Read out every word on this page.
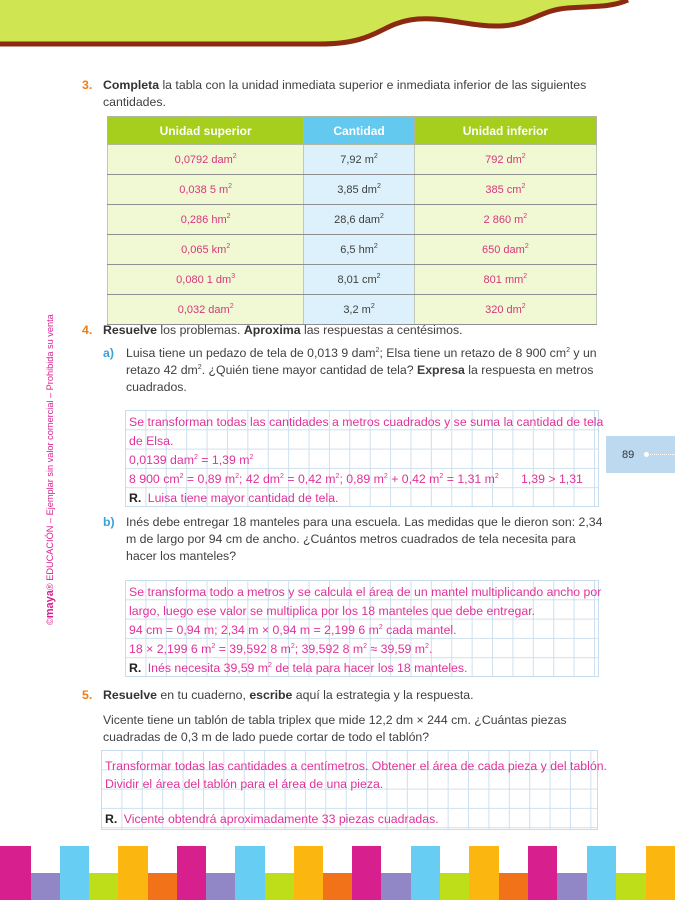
©maya® EDUCACIÓN – Ejemplar sin valor comercial – Prohibida su venta	89
3. Completa la tabla con la unidad inmediata superior e inmediata inferior de las siguientes cantidades.
Unidad superior	Cantidad	Unidad inferior
0,0792 dam$^2$	7,92 $m^2$	792 $dm^2$
0,038 5 $m^2$	3,85 $dm^2$	385 $cm^2$
0,286 $hm^2$	28,6 dam$^2$	2 860 $m^2$
0,065 $km^2$	6,5 $hm^2$	650 dam$^2$
0,080 1 $dm^3$	8,01 $cm^2$	801 $mm^2$
0,032 dam$^2$	3,2 $m^2$	320 $dm^2$
4. Resuelve los problemas. Aproxima las respuestas a centésimos.
a) Luisa tiene un pedazo de tela de 0,013 9 dam$^2$; Elsa tiene un retazo de 8 900 $cm^2$ y un retazo 42 $dm^2$. ¿Quién tiene mayor cantidad de tela? Expresa la respuesta en metros cuadrados.
Se transforman todas las cantidades a metros cuadrados y se suma la cantidad de tela
de Elsa.
0,0139 dam$^2$ = 1,39 $m^2$
8 900 $cm^2 = 0,89$ $m^2$; 42 $dm^2 = 0,42$ $m^2$; 0,89 $m^2 + 0,42$ $m^2 = 1,31$ $m^2$ 1,39 > 1,31
R. Luisa tiene mayor cantidad de tela.
b) Inés debe entregar 18 manteles para una escuela. Las medidas que le dieron son: 2,34 m de largo por 94 cm de ancho. ¿Cuántos metros cuadrados de tela necesita para hacer los manteles?
Se transforma todo a metros y se calcula el área de un mantel multiplicando ancho por
largo, luego ese valor se multiplica por los 18 manteles que debe entregar.
94 cm = 0,94 m; 2,34 m × 0,94 m = 2,199 6 $m^2$ cada mantel.
18 × 2,199 6 $m^2 = 39,592$ 8 $m^2$; 39,592 8 $m^2 \approx 39,59$ $m^2$.
R. Inés necesita 39,59 $m^2$ de tela para hacer los 18 manteles.
5. Resuelve en tu cuaderno, escribe aquí la estrategia y la respuesta.
Vicente tiene un tablón de tabla triplex que mide 12,2 dm × 244 cm. ¿Cuántas piezas cuadradas de 0,3 m de lado puede cortar de todo el tablón?
Transformar todas las cantidades a centímetros. Obtener el área de cada pieza y del tablón.
Dividir el área del tablón para el área de una pieza.
R. Vicente obtendrá aproximadamente 33 piezas cuadradas.
